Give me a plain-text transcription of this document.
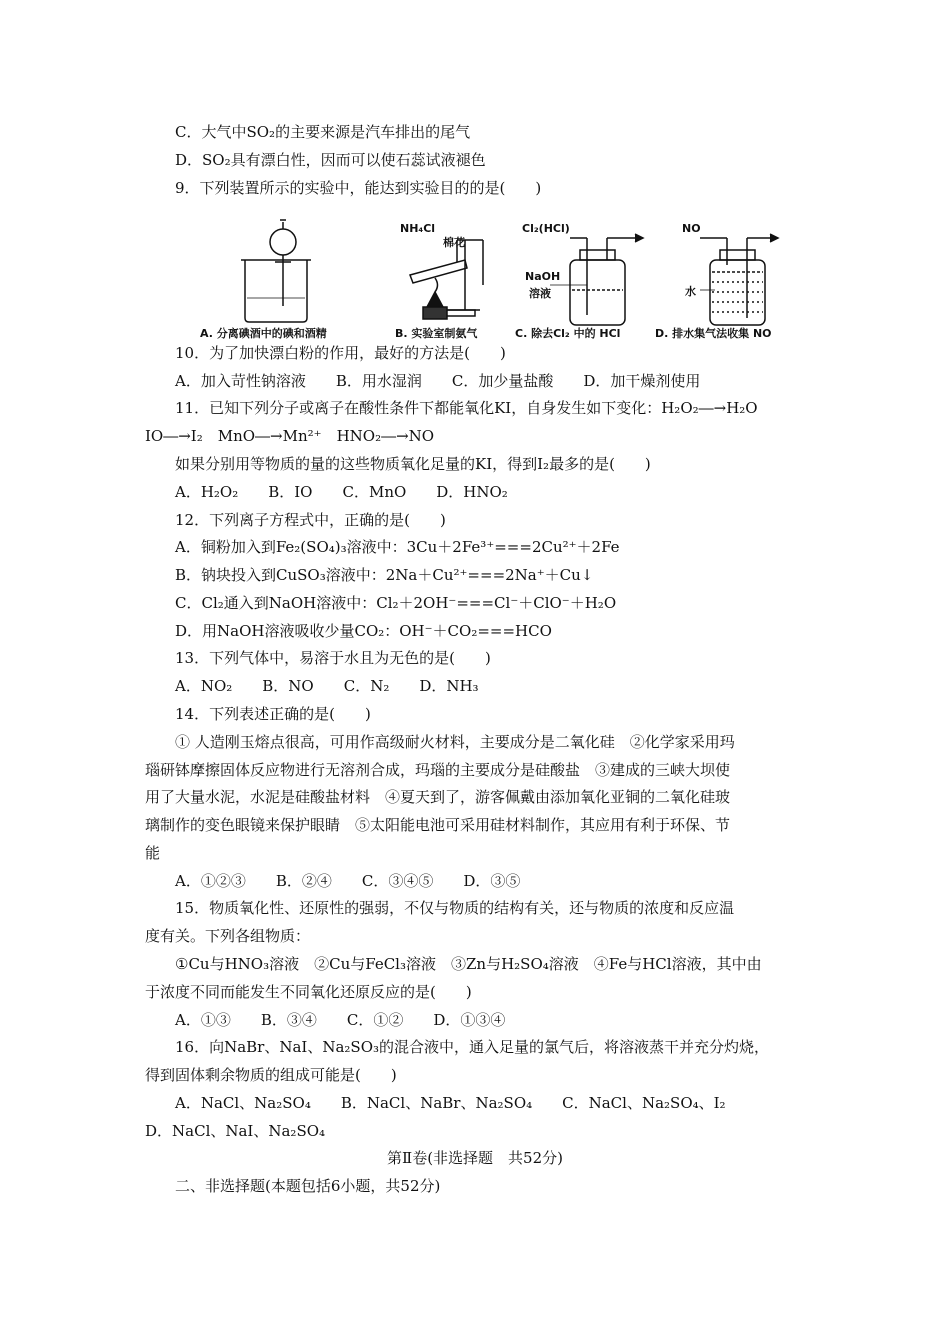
C．大气中SO₂的主要来源是汽车排出的尾气
D．SO₂具有漂白性，因而可以使石蕊试液褪色
9．下列装置所示的实验中，能达到实验目的的是(　　)
NH₄Cl
棉花
Cl₂(HCl)
NaOH
溶液
NO
水
A. 分离碘酒中的碘和酒精	B. 实验室制氨气	C. 除去Cl₂ 中的 HCl	D. 排水集气法收集 NO
10．为了加快漂白粉的作用，最好的方法是(　　)
A．加入苛性钠溶液　　B．用水湿润　　C．加少量盐酸　　D．加干燥剂使用
11．已知下列分子或离子在酸性条件下都能氧化KI，自身发生如下变化：H₂O₂―→H₂O
IO―→I₂　MnO―→Mn²⁺　HNO₂―→NO
如果分别用等物质的量的这些物质氧化足量的KI，得到I₂最多的是(　　)
A．H₂O₂　　B．IO　　C．MnO　　D．HNO₂
12．下列离子方程式中，正确的是(　　)
A．铜粉加入到Fe₂(SO₄)₃溶液中：3Cu＋2Fe³⁺===2Cu²⁺＋2Fe
B．钠块投入到CuSO₃溶液中：2Na＋Cu²⁺===2Na⁺＋Cu↓
C．Cl₂通入到NaOH溶液中：Cl₂＋2OH⁻===Cl⁻＋ClO⁻＋H₂O
D．用NaOH溶液吸收少量CO₂：OH⁻＋CO₂===HCO
13．下列气体中，易溶于水且为无色的是(　　)
A．NO₂　　B．NO　　C．N₂　　D．NH₃
14．下列表述正确的是(　　)
① 人造刚玉熔点很高，可用作高级耐火材料，主要成分是二氧化硅　②化学家采用玛
瑙研钵摩擦固体反应物进行无溶剂合成，玛瑙的主要成分是硅酸盐　③建成的三峡大坝使
用了大量水泥，水泥是硅酸盐材料　④夏天到了，游客佩戴由添加氧化亚铜的二氧化硅玻
璃制作的变色眼镜来保护眼睛　⑤太阳能电池可采用硅材料制作，其应用有利于环保、节
能
A．①②③　　B．②④　　C．③④⑤　　D．③⑤
15．物质氧化性、还原性的强弱，不仅与物质的结构有关，还与物质的浓度和反应温
度有关。下列各组物质：
①Cu与HNO₃溶液　②Cu与FeCl₃溶液　③Zn与H₂SO₄溶液　④Fe与HCl溶液，其中由
于浓度不同而能发生不同氧化还原反应的是(　　)
A．①③　　B．③④　　C．①②　　D．①③④
16．向NaBr、NaI、Na₂SO₃的混合液中，通入足量的氯气后，将溶液蒸干并充分灼烧，
得到固体剩余物质的组成可能是(　　)
A．NaCl、Na₂SO₄　　B．NaCl、NaBr、Na₂SO₄　　C．NaCl、Na₂SO₄、I₂
D．NaCl、NaI、Na₂SO₄
第Ⅱ卷(非选择题　共52分)
二、非选择题(本题包括6小题，共52分)
